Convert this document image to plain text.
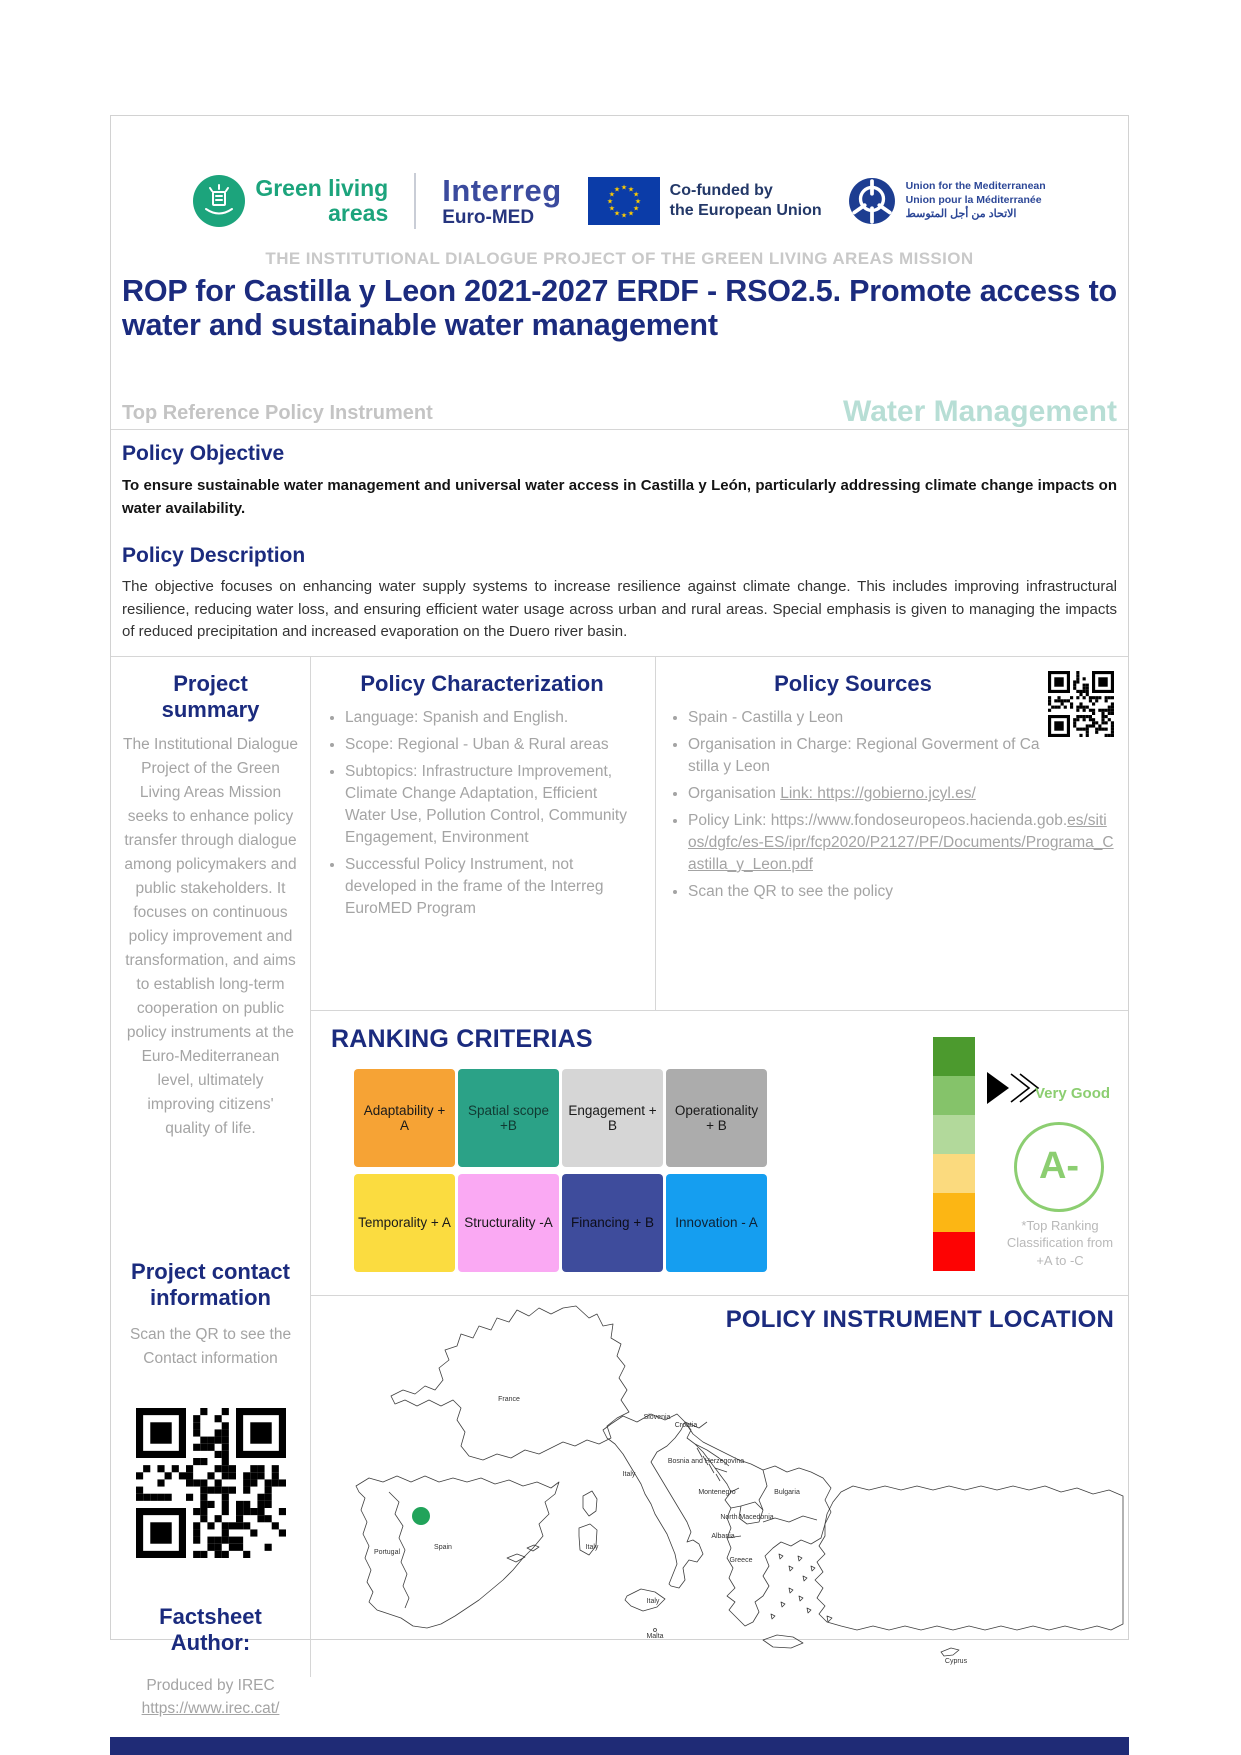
Green living
areas
Interreg
Euro-MED
★ ★
★
★
★
★
★
★
★
★
★
★	Co-funded by
the European Union
Union for the Mediterranean
Union pour la Méditerranée
الاتحاد من أجل المتوسط
THE INSTITUTIONAL DIALOGUE PROJECT OF THE GREEN LIVING AREAS MISSION
ROP for Castilla y Leon 2021-2027 ERDF - RSO2.5. Promote access to water and sustainable water management
Top Reference Policy Instrument	Water Management
Policy Objective
To ensure sustainable water management and universal water access in Castilla y León, particularly addressing climate change impacts on water availability.
Policy Description
The objective focuses on enhancing water supply systems to increase resilience against climate change. This includes improving infrastructural resilience, reducing water loss, and ensuring efficient water usage across urban and rural areas. Special emphasis is given to managing the impacts of reduced precipitation and increased evaporation on the Duero river basin.
Project summary
The Institutional Dialogue Project of the Green Living Areas Mission seeks to enhance policy transfer through dialogue among policymakers and public stakeholders. It focuses on continuous policy improvement and transformation, and aims to establish long-term cooperation on public policy instruments at the Euro-Mediterranean level, ultimately improving citizens' quality of life.
Project contact information
Scan the QR to see the Contact information
Factsheet Author:
Produced by IREC
https://www.irec.cat/
Policy Characterization
• Language: Spanish and English.
• Scope: Regional - Uban & Rural areas
• Subtopics: Infrastructure Improvement, Climate Change Adaptation, Efficient Water Use, Pollution Control, Community Engagement, Environment
• Successful Policy Instrument, not developed in the frame of the Interreg EuroMED Program
Policy Sources
• Spain - Castilla y Leon
• Organisation in Charge: Regional Goverment of Castilla y Leon
• Organisation Link: https://gobierno.jcyl.es/
• Policy Link: https://www.fondoseuropeos.hacienda.gob.es/sitios/dgfc/es-ES/ipr/fcp2020/P2127/PF/Documents/Programa_Castilla_y_Leon.pdf
• Scan the QR to see the policy
RANKING CRITERIAS
Adaptability + A
Spatial scope +B
Engagement + B
Operationality + B
Temporality + A Structurality -A	Financing + B	Innovation - A
Very Good
A-
*Top Ranking Classification from +A to -C
POLICY INSTRUMENT LOCATION
France
Spain
Portugal
Italy
Italy
Italy
Slovenia
Croatia
Bosnia and Herzegovina
Montenegro
North Macedonia
Albania
Greece
Bulgaria
Malta
Cyprus
